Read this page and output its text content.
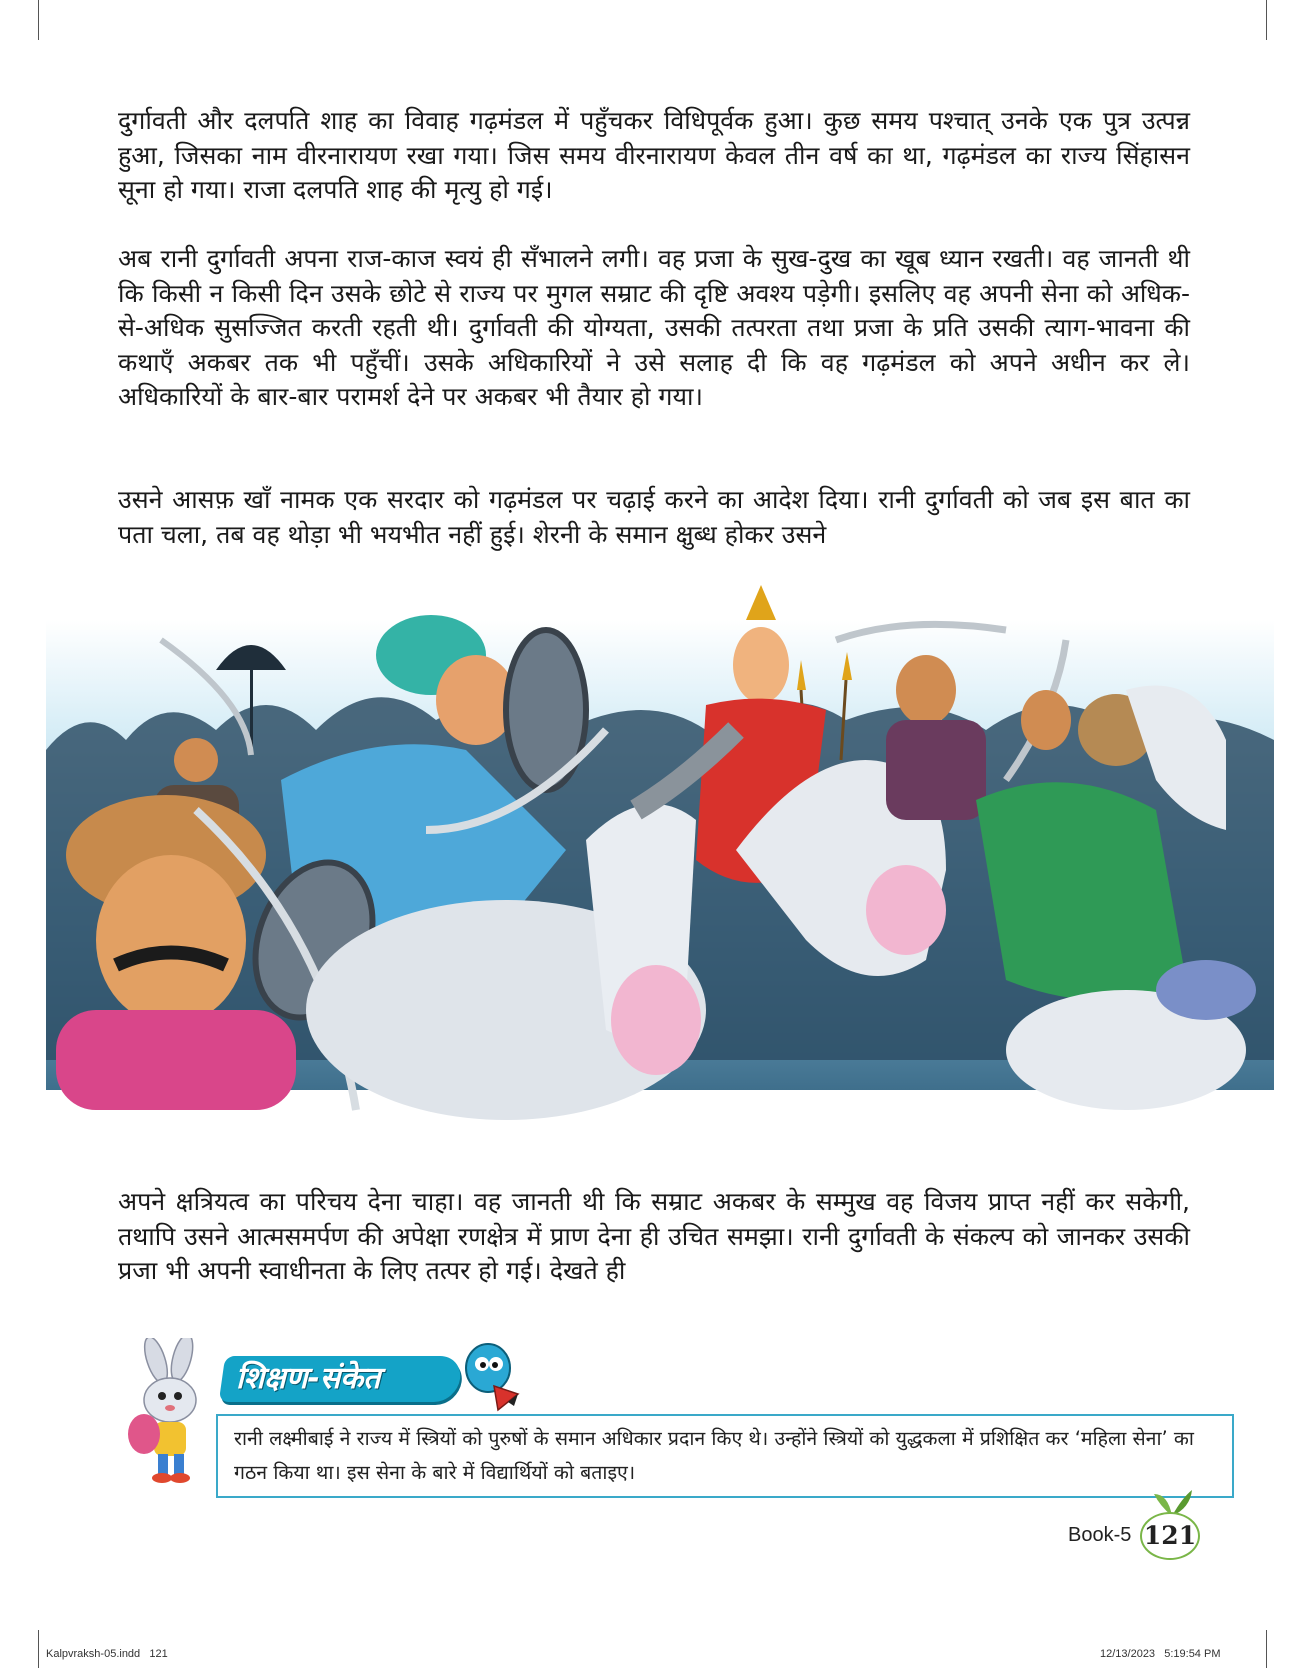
दुर्गावती और दलपति शाह का विवाह गढ़मंडल में पहुँचकर विधिपूर्वक हुआ। कुछ समय पश्चात् उनके एक पुत्र उत्पन्न हुआ, जिसका नाम वीरनारायण रखा गया। जिस समय वीरनारायण केवल तीन वर्ष का था, गढ़मंडल का राज्य सिंहासन सूना हो गया। राजा दलपति शाह की मृत्यु हो गई।

अब रानी दुर्गावती अपना राज-काज स्वयं ही सँभालने लगी। वह प्रजा के सुख-दुख का खूब ध्यान रखती। वह जानती थी कि किसी न किसी दिन उसके छोटे से राज्य पर मुगल सम्राट की दृष्टि अवश्य पड़ेगी। इसलिए वह अपनी सेना को अधिक-से-अधिक सुसज्जित करती रहती थी। दुर्गावती की योग्यता, उसकी तत्परता तथा प्रजा के प्रति उसकी त्याग-भावना की कथाएँ अकबर तक भी पहुँचीं। उसके अधिकारियों ने उसे सलाह दी कि वह गढ़मंडल को अपने अधीन कर ले। अधिकारियों के बार-बार परामर्श देने पर अकबर भी तैयार हो गया।

उसने आसफ़ खाँ नामक एक सरदार को गढ़मंडल पर चढ़ाई करने का आदेश दिया। रानी दुर्गावती को जब इस बात का पता चला, तब वह थोड़ा भी भयभीत नहीं हुई। शेरनी के समान क्षुब्ध होकर उसने

अपने क्षत्रियत्व का परिचय देना चाहा। वह जानती थी कि सम्राट अकबर के सम्मुख वह विजय प्राप्त नहीं कर सकेगी, तथापि उसने आत्मसमर्पण की अपेक्षा रणक्षेत्र में प्राण देना ही उचित समझा। रानी दुर्गावती के संकल्प को जानकर उसकी प्रजा भी अपनी स्वाधीनता के लिए तत्पर हो गई। देखते ही

शिक्षण-संकेत
रानी लक्ष्मीबाई ने राज्य में स्त्रियों को पुरुषों के समान अधिकार प्रदान किए थे। उन्होंने स्त्रियों को युद्धकला में प्रशिक्षित कर ‘महिला सेना’ का गठन किया था। इस सेना के बारे में विद्यार्थियों को बताइए।
Book-5 121
Kalpvraksh-05.indd   121	12/13/2023   5:19:54 PM
